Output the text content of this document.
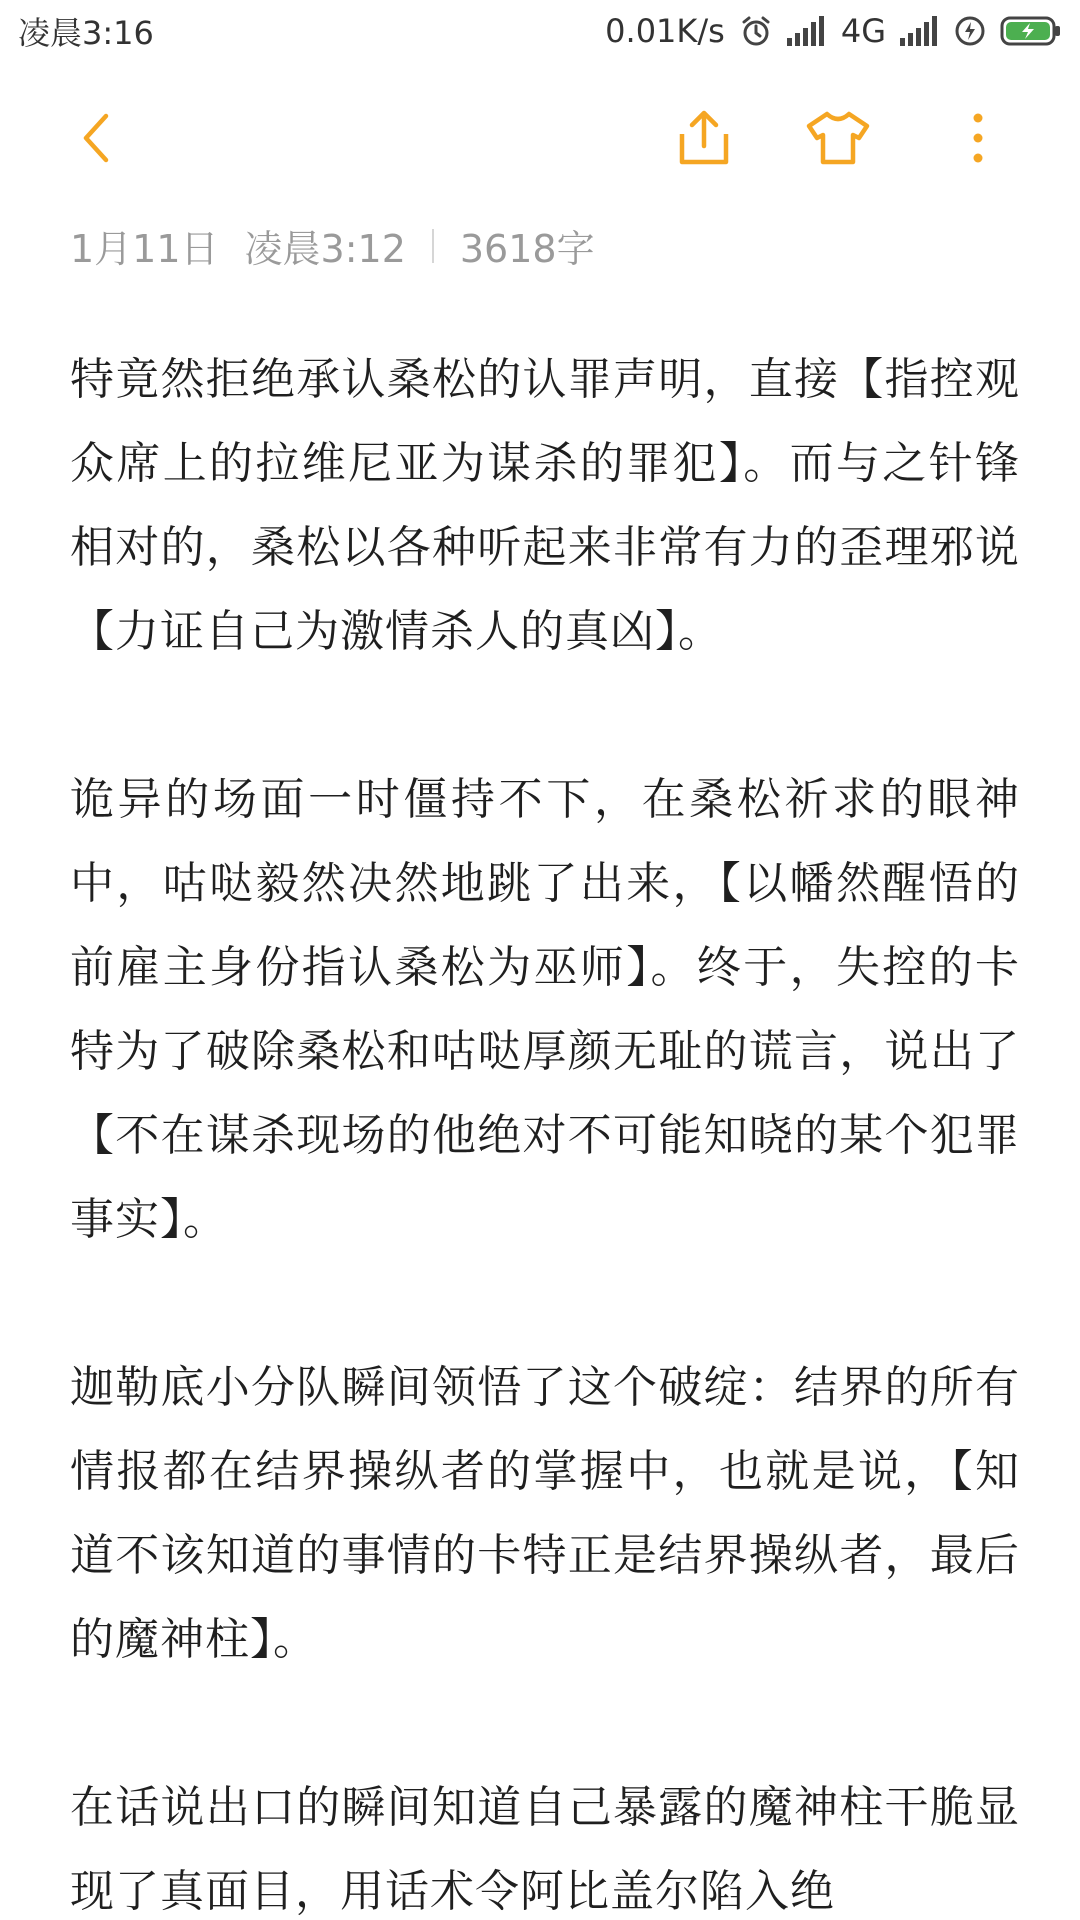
凌晨3:16	0.01K/s	4G
1月11日 凌晨3:12 3618字

特竟然拒绝承认桑松的认罪声明，直接【指控观众席上的拉维尼亚为谋杀的罪犯】。而与之针锋相对的，桑松以各种听起来非常有力的歪理邪说【力证自己为激情杀人的真凶】。

诡异的场面一时僵持不下，在桑松祈求的眼神中，咕哒毅然决然地跳了出来，【以幡然醒悟的前雇主身份指认桑松为巫师】。终于，失控的卡特为了破除桑松和咕哒厚颜无耻的谎言，说出了【不在谋杀现场的他绝对不可能知晓的某个犯罪事实】。

迦勒底小分队瞬间领悟了这个破绽：结界的所有情报都在结界操纵者的掌握中，也就是说，【知道不该知道的事情的卡特正是结界操纵者，最后的魔神柱】。

在话说出口的瞬间知道自己暴露的魔神柱干脆显现了真面目，用话术令阿比盖尔陷入绝
